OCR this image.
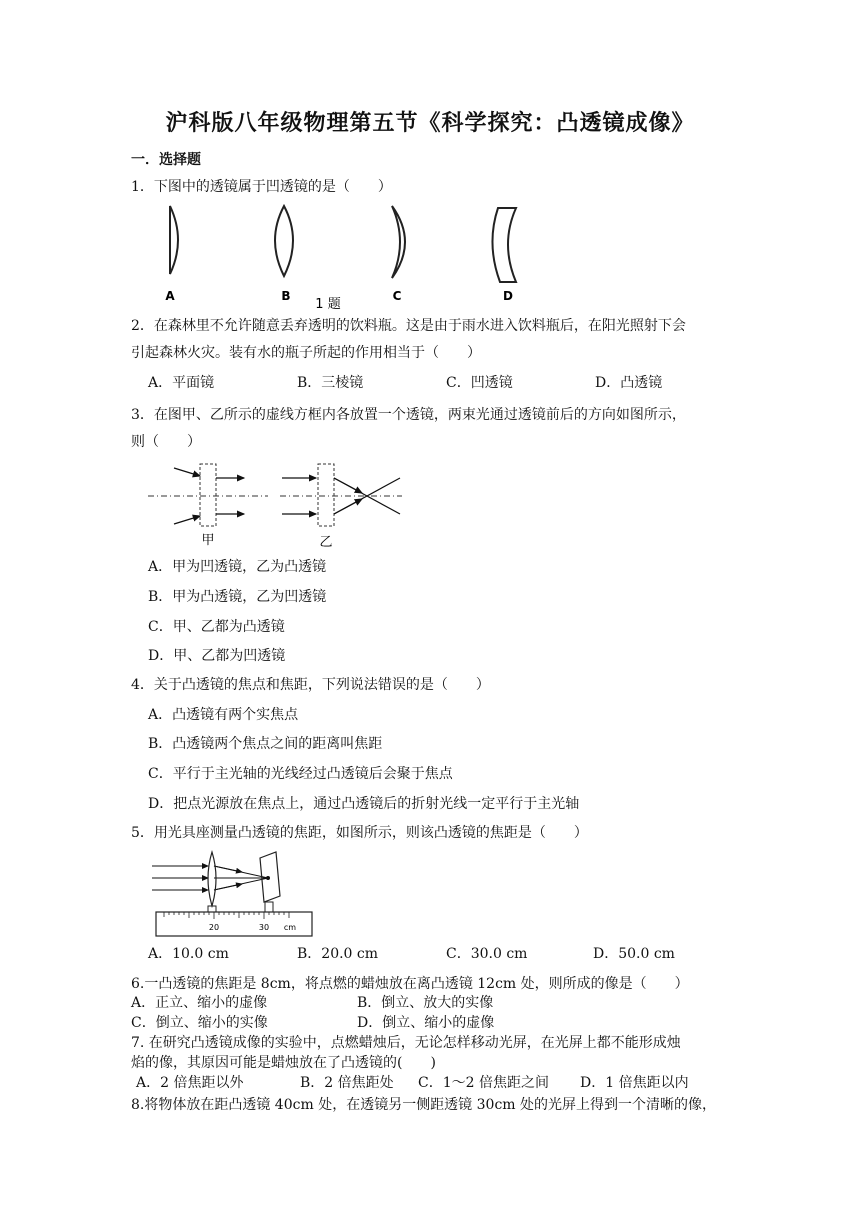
沪科版八年级物理第五节《科学探究：凸透镜成像》
一．选择题
1．下图中的透镜属于凹透镜的是（　　）
A	B	C	D
1 题
2．在森林里不允许随意丢弃透明的饮料瓶。这是由于雨水进入饮料瓶后，在阳光照射下会
引起森林火灾。装有水的瓶子所起的作用相当于（　　）
A．平面镜	B．三棱镜	C．凹透镜	D．凸透镜
3．在图甲、乙所示的虚线方框内各放置一个透镜，两束光通过透镜前后的方向如图所示，
则（　　）
甲	乙
A．甲为凹透镜，乙为凸透镜
B．甲为凸透镜，乙为凹透镜
C．甲、乙都为凸透镜
D．甲、乙都为凹透镜
4．关于凸透镜的焦点和焦距，下列说法错误的是（　　）
A．凸透镜有两个实焦点
B．凸透镜两个焦点之间的距离叫焦距
C．平行于主光轴的光线经过凸透镜后会聚于焦点
D．把点光源放在焦点上，通过凸透镜后的折射光线一定平行于主光轴
5．用光具座测量凸透镜的焦距，如图所示，则该凸透镜的焦距是（　　）
20	30 cm
A．10.0 cm	B．20.0 cm	C．30.0 cm	D．50.0 cm
6.一凸透镜的焦距是 8cm，将点燃的蜡烛放在离凸透镜 12cm 处，则所成的像是（　　）
A．正立、缩小的虚像	B．倒立、放大的实像
C．倒立、缩小的实像	D．倒立、缩小的虚像
7. 在研究凸透镜成像的实验中，点燃蜡烛后，无论怎样移动光屏，在光屏上都不能形成烛
焰的像，其原因可能是蜡烛放在了凸透镜的(　　)
A．2 倍焦距以外	B．2 倍焦距处 C．1～2 倍焦距之间 D．1 倍焦距以内
8.将物体放在距凸透镜 40cm 处，在透镜另一侧距透镜 30cm 处的光屏上得到一个清晰的像，
